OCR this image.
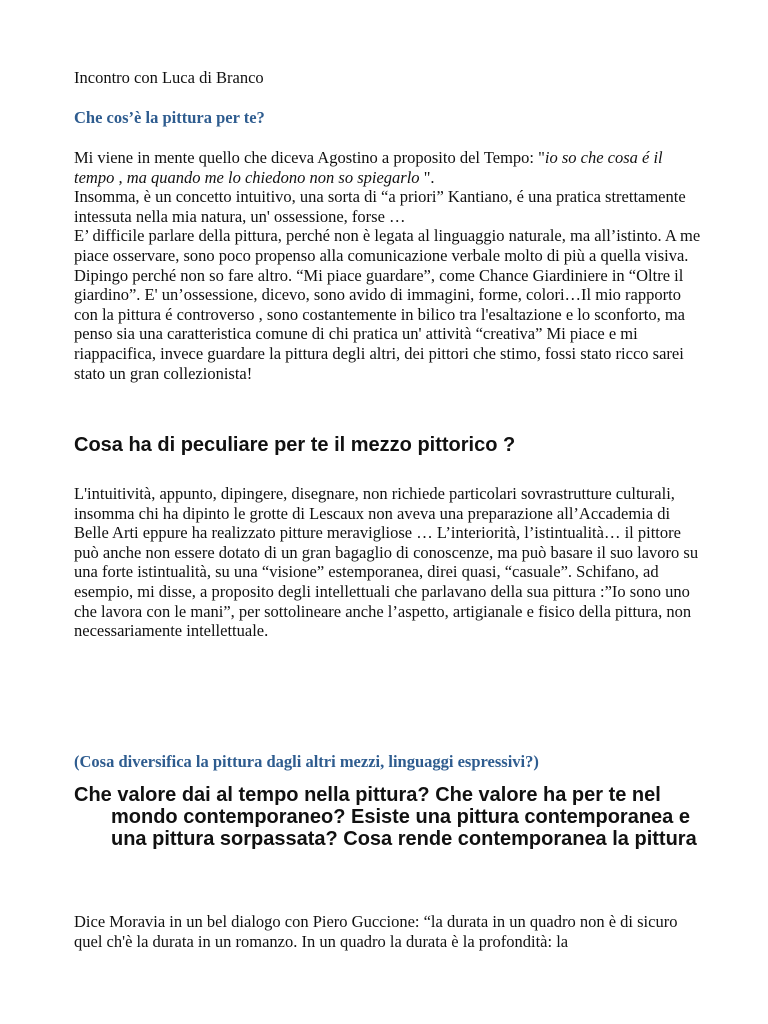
Incontro con Luca di Branco

Che cos’è la pittura per te?

Mi viene in mente quello che diceva Agostino a proposito del Tempo: "io so che cosa é il tempo , ma quando me lo chiedono non so spiegarlo ".
Insomma, è un concetto intuitivo, una sorta di “a priori” Kantiano, é una pratica strettamente intessuta nella mia natura, un' ossessione, forse …
E’ difficile parlare della pittura, perché non è legata al linguaggio naturale, ma all’istinto. A me piace osservare, sono poco propenso alla comunicazione verbale molto di più a quella visiva. Dipingo perché non so fare altro. “Mi piace guardare”, come Chance Giardiniere in “Oltre il giardino”. E' un’ossessione, dicevo, sono avido di immagini, forme, colori…Il mio rapporto con la pittura é controverso , sono costantemente in bilico tra l'esaltazione e lo sconforto, ma penso sia una caratteristica comune di chi pratica un' attività “creativa” Mi piace e mi riappacifica, invece guardare la pittura degli altri, dei pittori che stimo, fossi stato ricco sarei stato un gran collezionista!

Cosa ha di peculiare per te il mezzo pittorico ?

L'intuitività, appunto, dipingere, disegnare, non richiede particolari sovrastrutture culturali, insomma chi ha dipinto le grotte di Lescaux non aveva una preparazione all’Accademia di Belle Arti eppure ha realizzato pitture meravigliose … L’interiorità, l’istintualità… il pittore può anche non essere dotato di un gran bagaglio di conoscenze, ma può basare il suo lavoro su una forte istintualità, su una “visione” estemporanea, direi quasi, “casuale”. Schifano, ad esempio, mi disse, a proposito degli intellettuali che parlavano della sua pittura :”Io sono uno che lavora con le mani”, per sottolineare anche l’aspetto, artigianale e fisico della pittura, non necessariamente intellettuale.

(Cosa diversifica la pittura dagli altri mezzi, linguaggi espressivi?)

Che valore dai al tempo nella pittura? Che valore ha per te nel
mondo contemporaneo? Esiste una pittura contemporanea e una pittura sorpassata? Cosa rende contemporanea la pittura

Dice Moravia in un bel dialogo con Piero Guccione: “la durata in un quadro non è di sicuro quel ch'è la durata in un romanzo. In un quadro la durata è la profondità: la
